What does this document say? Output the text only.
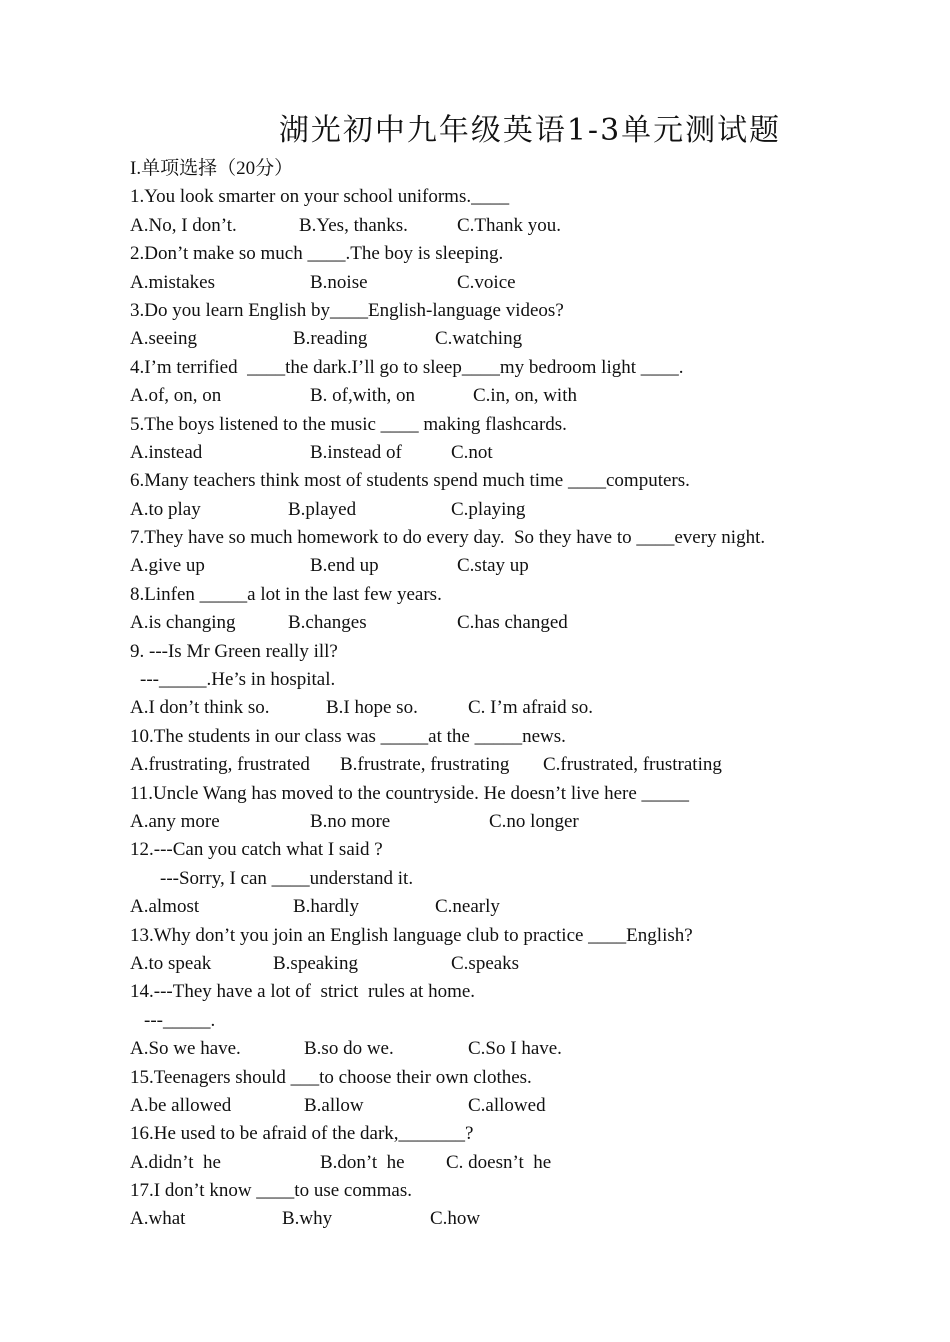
湖光初中九年级英语1-3单元测试题
I.单项选择（20分）
1.You look smarter on your school uniforms.____
A.No, I don’t.	B.Yes, thanks.	C.Thank you.
2.Don’t make so much ____.The boy is sleeping.
A.mistakes	B.noise	C.voice
3.Do you learn English by____English-language videos?
A.seeing	B.reading	C.watching
4.I’m terrified  ____the dark.I’ll go to sleep____my bedroom light ____.
A.of, on, on	B. of,with, on	C.in, on, with
5.The boys listened to the music ____ making flashcards.
A.instead	B.instead of	C.not
6.Many teachers think most of students spend much time ____computers.
A.to play	B.played	C.playing
7.They have so much homework to do every day.  So they have to ____every night.
A.give up	B.end up	C.stay up
8.Linfen _____a lot in the last few years.
A.is changing	B.changes	C.has changed
9. ---Is Mr Green really ill?
---_____.He’s in hospital.
A.I don’t think so.	B.I hope so.	C. I’m afraid so.
10.The students in our class was _____at the _____news.
A.frustrating, frustrated B.frustrate, frustrating C.frustrated, frustrating
11.Uncle Wang has moved to the countryside. He doesn’t live here _____
A.any more	B.no more	C.no longer
12.---Can you catch what I said ?
---Sorry, I can ____understand it.
A.almost	B.hardly	C.nearly
13.Why don’t you join an English language club to practice ____English?
A.to speak	B.speaking	C.speaks
14.---They have a lot of  strict  rules at home.
---_____.
A.So we have.	B.so do we.	C.So I have.
15.Teenagers should ___to choose their own clothes.
A.be allowed	B.allow	C.allowed
16.He used to be afraid of the dark,_______?
A.didn’t  he	B.don’t  he C. doesn’t  he
17.I don’t know ____to use commas.
A.what	B.why	C.how
